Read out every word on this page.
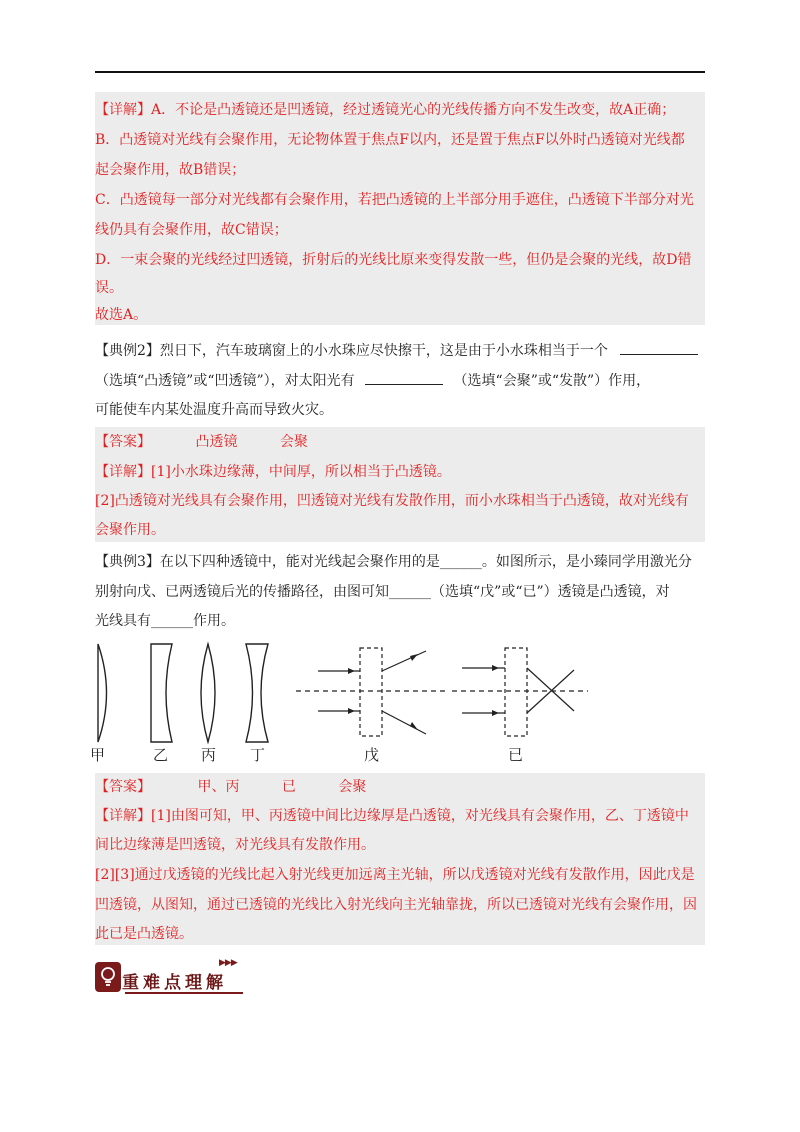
【详解】A．不论是凸透镜还是凹透镜，经过透镜光心的光线传播方向不发生改变，故A正确；
B．凸透镜对光线有会聚作用，无论物体置于焦点F以内，还是置于焦点F以外时凸透镜对光线都
起会聚作用，故B错误；
C．凸透镜每一部分对光线都有会聚作用，若把凸透镜的上半部分用手遮住，凸透镜下半部分对光
线仍具有会聚作用，故C错误；
D．一束会聚的光线经过凹透镜，折射后的光线比原来变得发散一些，但仍是会聚的光线，故D错
误。
故选A。
【典例2】烈日下，汽车玻璃窗上的小水珠应尽快擦干，这是由于小水珠相当于一个
（选填“凸透镜”或“凹透镜”），对太阳光有	（选填“会聚”或“发散”）作用，
可能使车内某处温度升高而导致火灾。
【答案】	凸透镜	会聚
【详解】[1]小水珠边缘薄，中间厚，所以相当于凸透镜。
[2]凸透镜对光线具有会聚作用，凹透镜对光线有发散作用，而小水珠相当于凸透镜，故对光线有
会聚作用。
【典例3】在以下四种透镜中，能对光线起会聚作用的是______。如图所示，是小臻同学用激光分
别射向戊、已两透镜后光的传播路径，由图可知______（选填“戊”或“已”）透镜是凸透镜，对
光线具有______作用。
甲	乙 丙 丁	戊	已
【答案】	甲、丙	已	会聚
【详解】[1]由图可知，甲、丙透镜中间比边缘厚是凸透镜，对光线具有会聚作用，乙、丁透镜中
间比边缘薄是凹透镜，对光线具有发散作用。
[2][3]通过戊透镜的光线比起入射光线更加远离主光轴，所以戊透镜对光线有发散作用，因此戊是
凹透镜，从图知，通过已透镜的光线比入射光线向主光轴靠拢，所以已透镜对光线有会聚作用，因
此已是凸透镜。
▶▶▶
重难点理解
